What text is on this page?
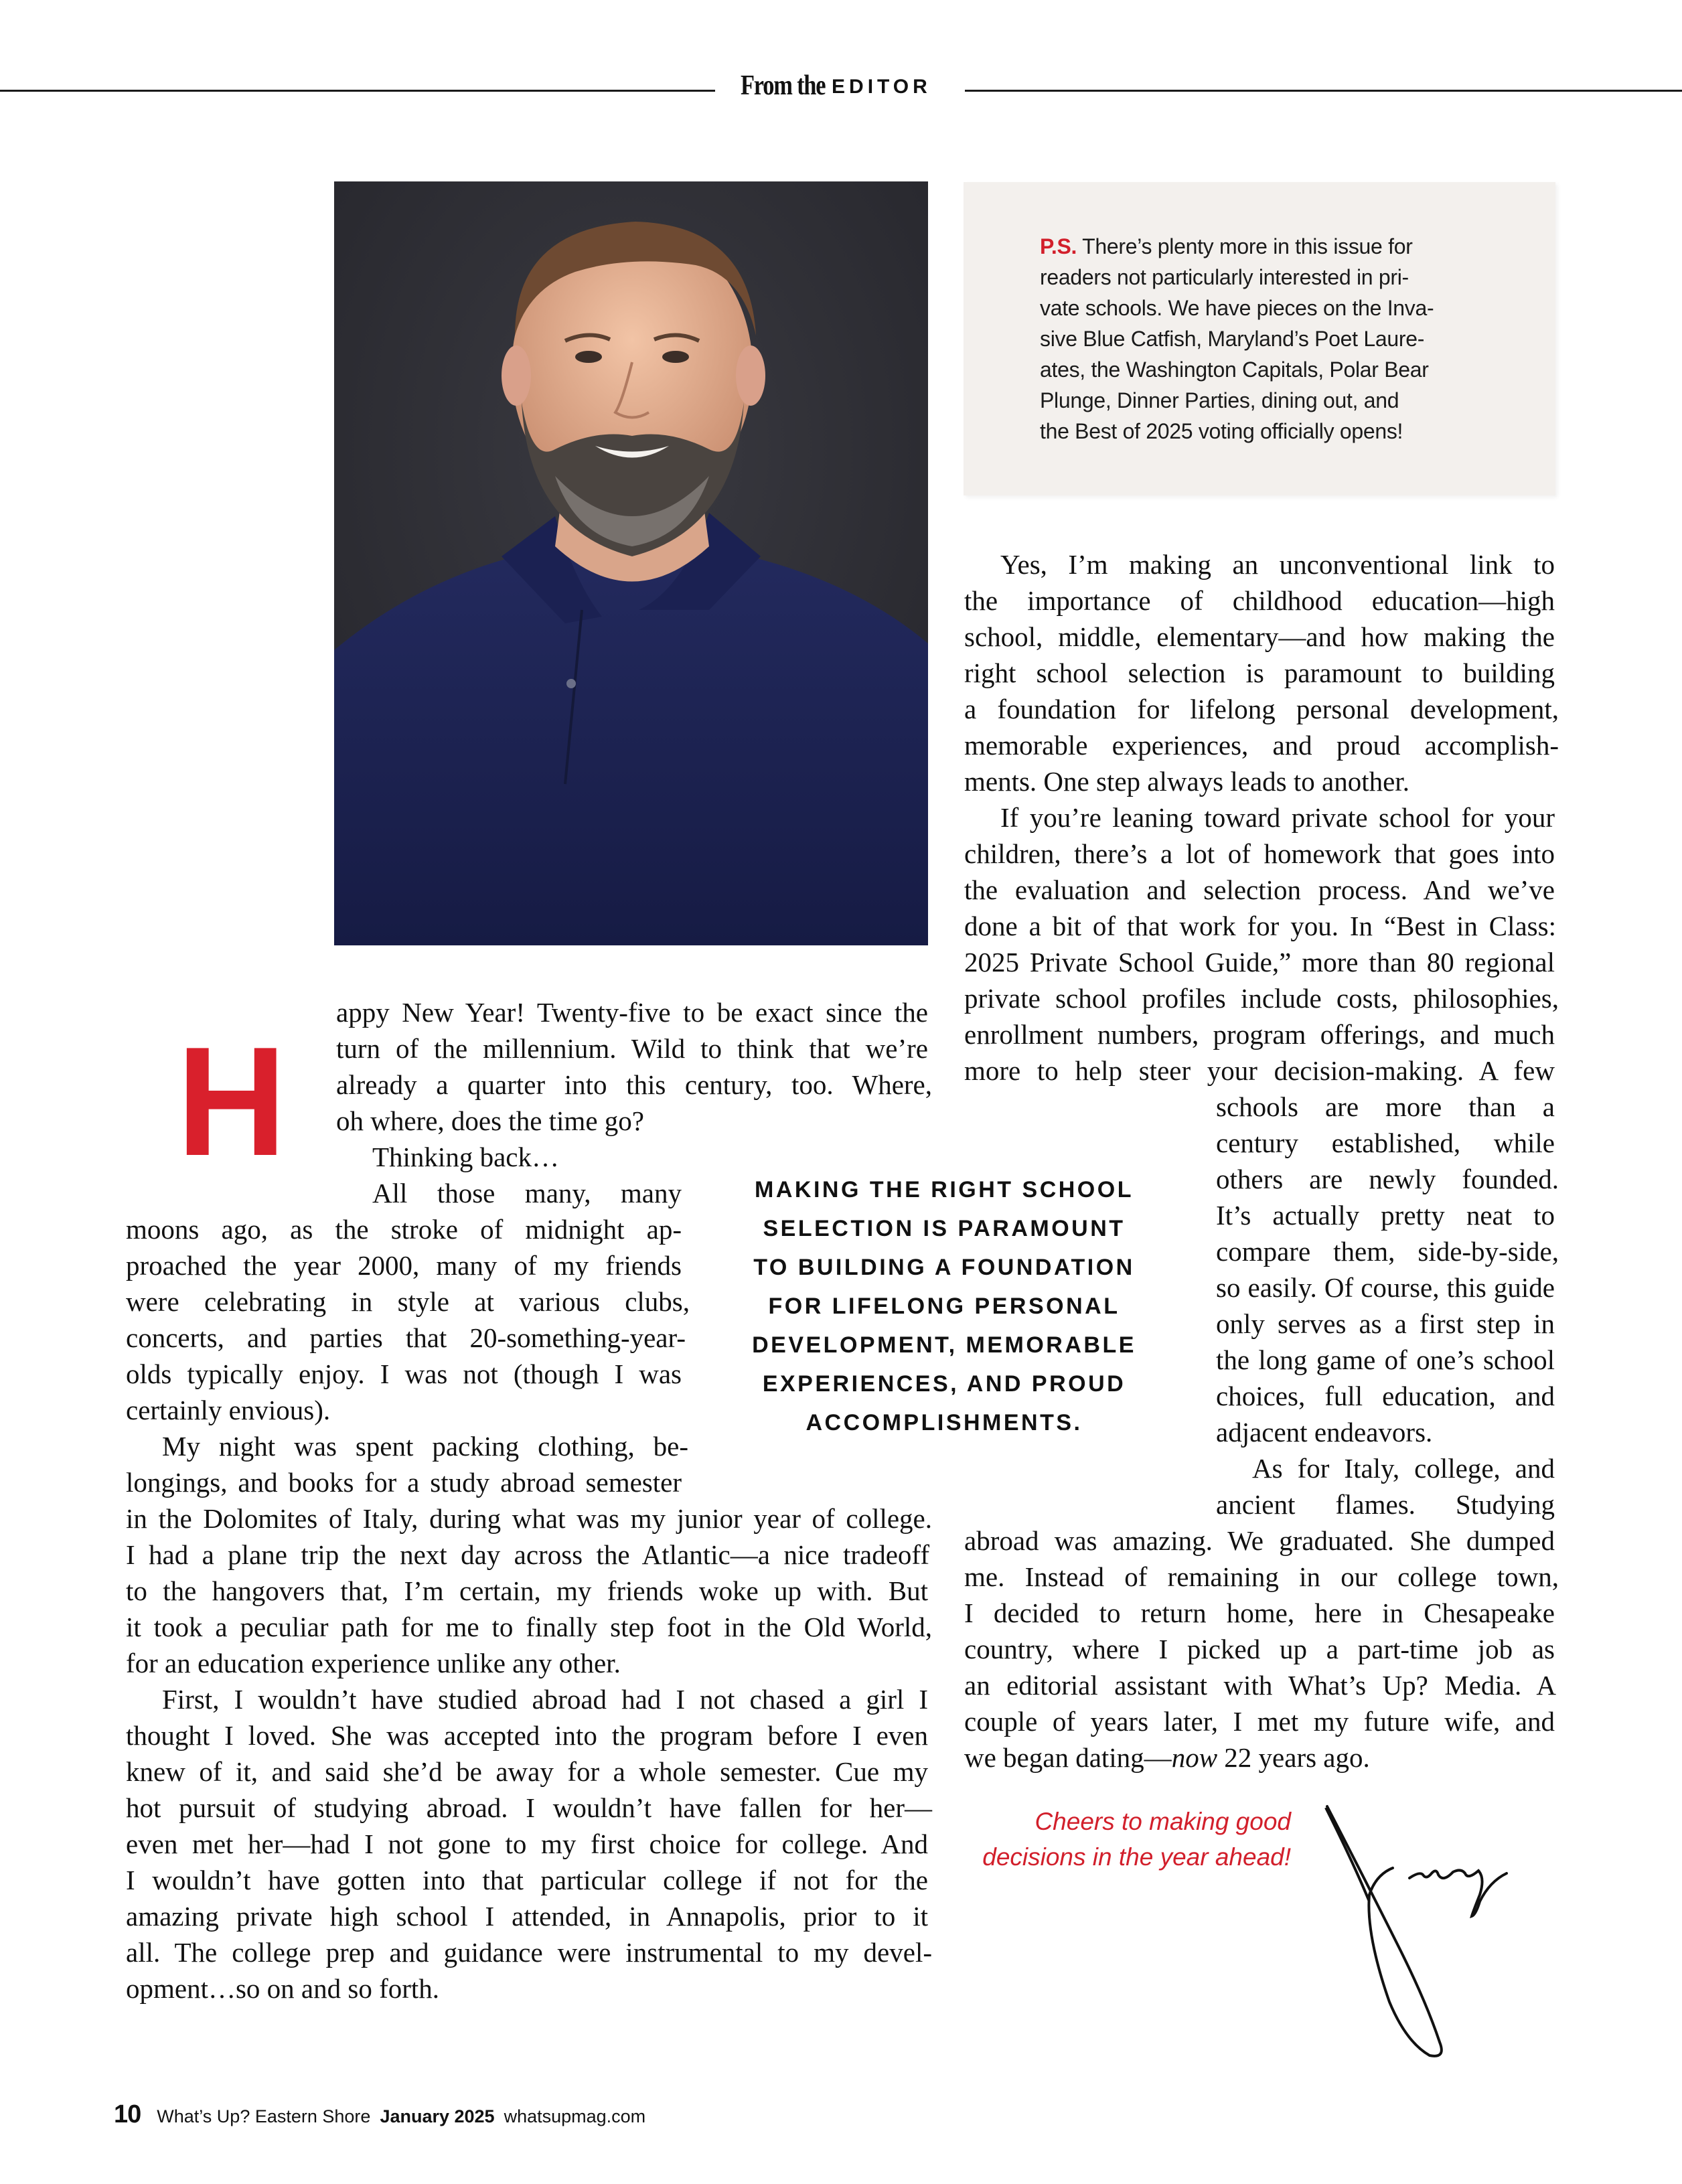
From the EDITOR
P.S. There’s plenty more in this issue for
readers not particularly interested in pri-
vate schools. We have pieces on the Inva-
sive Blue Catfish, Maryland’s Poet Laure-
ates, the Washington Capitals, Polar Bear
Plunge, Dinner Parties, dining out, and
the Best of 2025 voting officially opens!
H
appy New Year! Twenty-five to be exact since the
turn of the millennium. Wild to think that we’re
already a quarter into this century, too. Where,
oh where, does the time go?
Thinking back…
All those many, many
moons ago, as the stroke of midnight ap-
proached the year 2000, many of my friends
were celebrating in style at various clubs,
concerts, and parties that 20-something-year-
olds typically enjoy. I was not (though I was
certainly envious).
My night was spent packing clothing, be-
longings, and books for a study abroad semester
in the Dolomites of Italy, during what was my junior year of college.
I had a plane trip the next day across the Atlantic—a nice tradeoff
to the hangovers that, I’m certain, my friends woke up with. But
it took a peculiar path for me to finally step foot in the Old World,
for an education experience unlike any other.
First, I wouldn’t have studied abroad had I not chased a girl I
thought I loved. She was accepted into the program before I even
knew of it, and said she’d be away for a whole semester. Cue my
hot pursuit of studying abroad. I wouldn’t have fallen for her—
even met her—had I not gone to my first choice for college. And
I wouldn’t have gotten into that particular college if not for the
amazing private high school I attended, in Annapolis, prior to it
all. The college prep and guidance were instrumental to my devel-
opment…so on and so forth.
MAKING THE RIGHT SCHOOL
SELECTION IS PARAMOUNT
TO BUILDING A FOUNDATION
FOR LIFELONG PERSONAL
DEVELOPMENT, MEMORABLE
EXPERIENCES, AND PROUD
ACCOMPLISHMENTS.
Yes, I’m making an unconventional link to
the importance of childhood education—high
school, middle, elementary—and how making the
right school selection is paramount to building
a foundation for lifelong personal development,
memorable experiences, and proud accomplish-
ments. One step always leads to another.
If you’re leaning toward private school for your
children, there’s a lot of homework that goes into
the evaluation and selection process. And we’ve
done a bit of that work for you. In “Best in Class:
2025 Private School Guide,” more than 80 regional
private school profiles include costs, philosophies,
enrollment numbers, program offerings, and much
more to help steer your decision-making. A few
schools are more than a
century established, while
others are newly founded.
It’s actually pretty neat to
compare them, side-by-side,
so easily. Of course, this guide
only serves as a first step in
the long game of one’s school
choices, full education, and
adjacent endeavors.
As for Italy, college, and
ancient flames. Studying
abroad was amazing. We graduated. She dumped
me. Instead of remaining in our college town,
I decided to return home, here in Chesapeake
country, where I picked up a part-time job as
an editorial assistant with What’s Up? Media. A
couple of years later, I met my future wife, and
we began dating—now 22 years ago.
Cheers to making good
decisions in the year ahead!
10 What’s Up? Eastern Shore January 2025 whatsupmag.com
